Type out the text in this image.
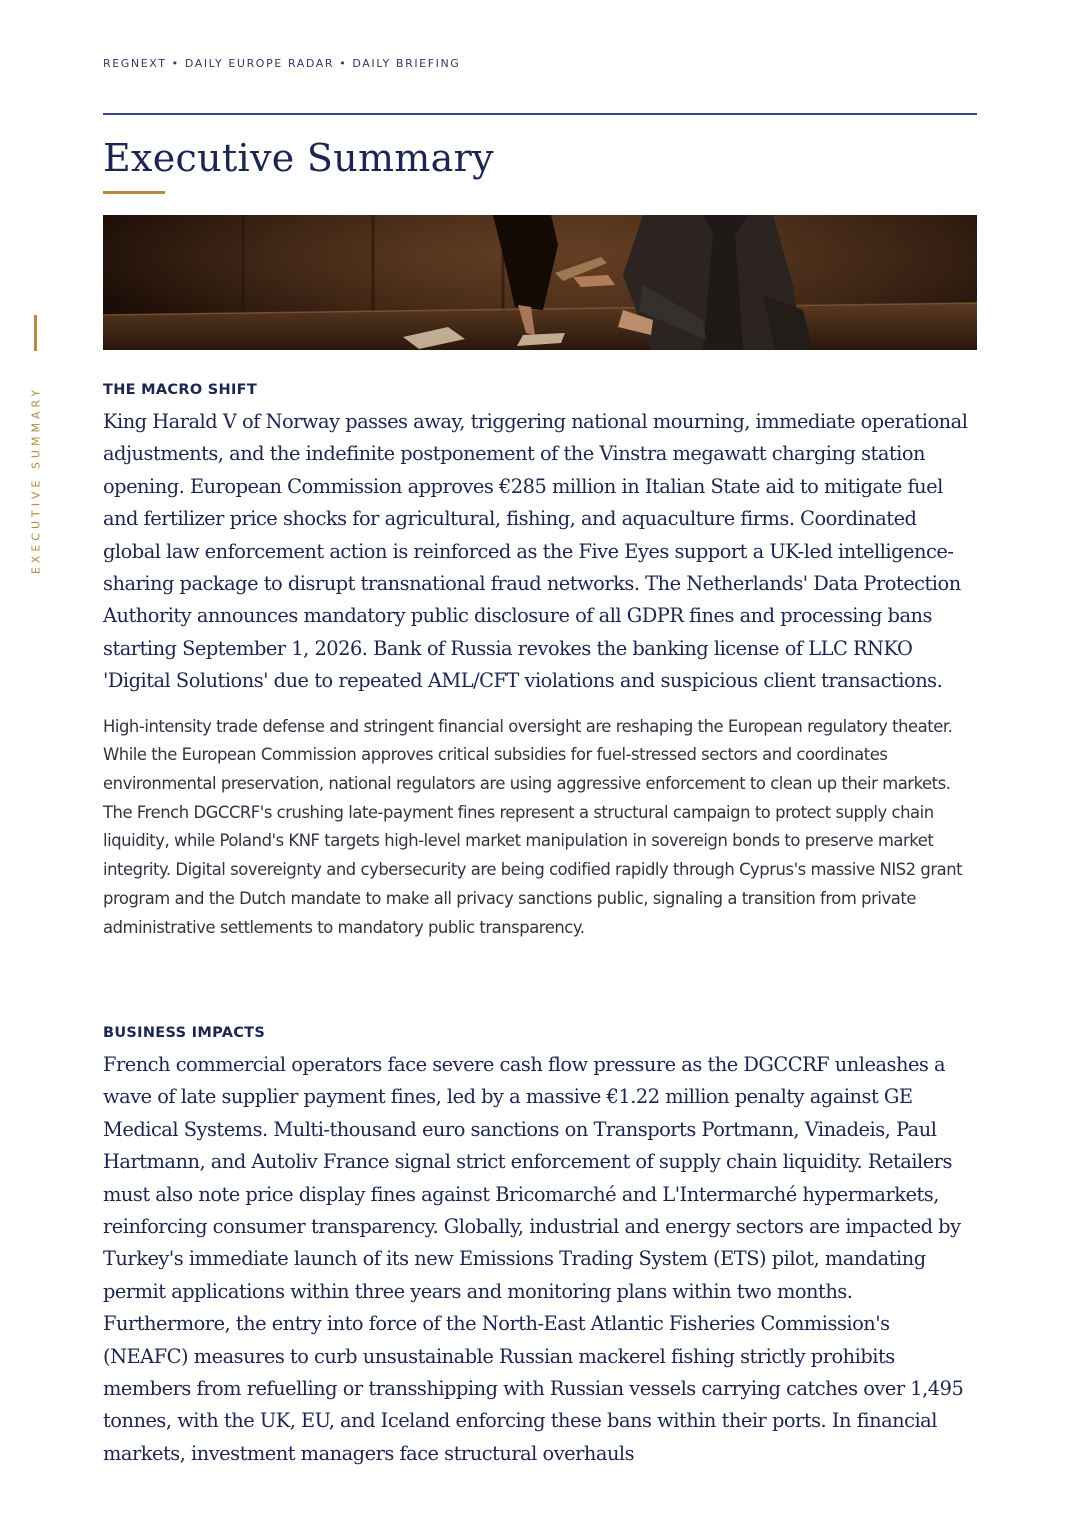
REGNEXT • DAILY EUROPE RADAR • DAILY BRIEFING
Executive Summary
EXECUTIVE SUMMARY	THE MACRO SHIFT

King Harald V of Norway passes away, triggering national mourning, immediate operational adjustments, and the indefinite postponement of the Vinstra megawatt charging station opening. European Commission approves €285 million in Italian State aid to mitigate fuel and fertilizer price shocks for agricultural, fishing, and aquaculture firms. Coordinated global law enforcement action is reinforced as the Five Eyes support a UK-led intelligence-sharing package to disrupt transnational fraud networks. The Netherlands' Data Protection Authority announces mandatory public disclosure of all GDPR fines and processing bans starting September 1, 2026. Bank of Russia revokes the banking license of LLC RNKO 'Digital Solutions' due to repeated AML/CFT violations and suspicious client transactions.

High-intensity trade defense and stringent financial oversight are reshaping the European regulatory theater. While the European Commission approves critical subsidies for fuel-stressed sectors and coordinates environmental preservation, national regulators are using aggressive enforcement to clean up their markets. The French DGCCRF's crushing late-payment fines represent a structural campaign to protect supply chain liquidity, while Poland's KNF targets high-level market manipulation in sovereign bonds to preserve market integrity. Digital sovereignty and cybersecurity are being codified rapidly through Cyprus's massive NIS2 grant program and the Dutch mandate to make all privacy sanctions public, signaling a transition from private administrative settlements to mandatory public transparency.

BUSINESS IMPACTS

French commercial operators face severe cash flow pressure as the DGCCRF unleashes a wave of late supplier payment fines, led by a massive €1.22 million penalty against GE Medical Systems. Multi-thousand euro sanctions on Transports Portmann, Vinadeis, Paul Hartmann, and Autoliv France signal strict enforcement of supply chain liquidity. Retailers must also note price display fines against Bricomarché and L'Intermarché hypermarkets, reinforcing consumer transparency. Globally, industrial and energy sectors are impacted by Turkey's immediate launch of its new Emissions Trading System (ETS) pilot, mandating permit applications within three years and monitoring plans within two months. Furthermore, the entry into force of the North-East Atlantic Fisheries Commission's (NEAFC) measures to curb unsustainable Russian mackerel fishing strictly prohibits members from refuelling or transshipping with Russian vessels carrying catches over 1,495 tonnes, with the UK, EU, and Iceland enforcing these bans within their ports. In financial markets, investment managers face structural overhauls
